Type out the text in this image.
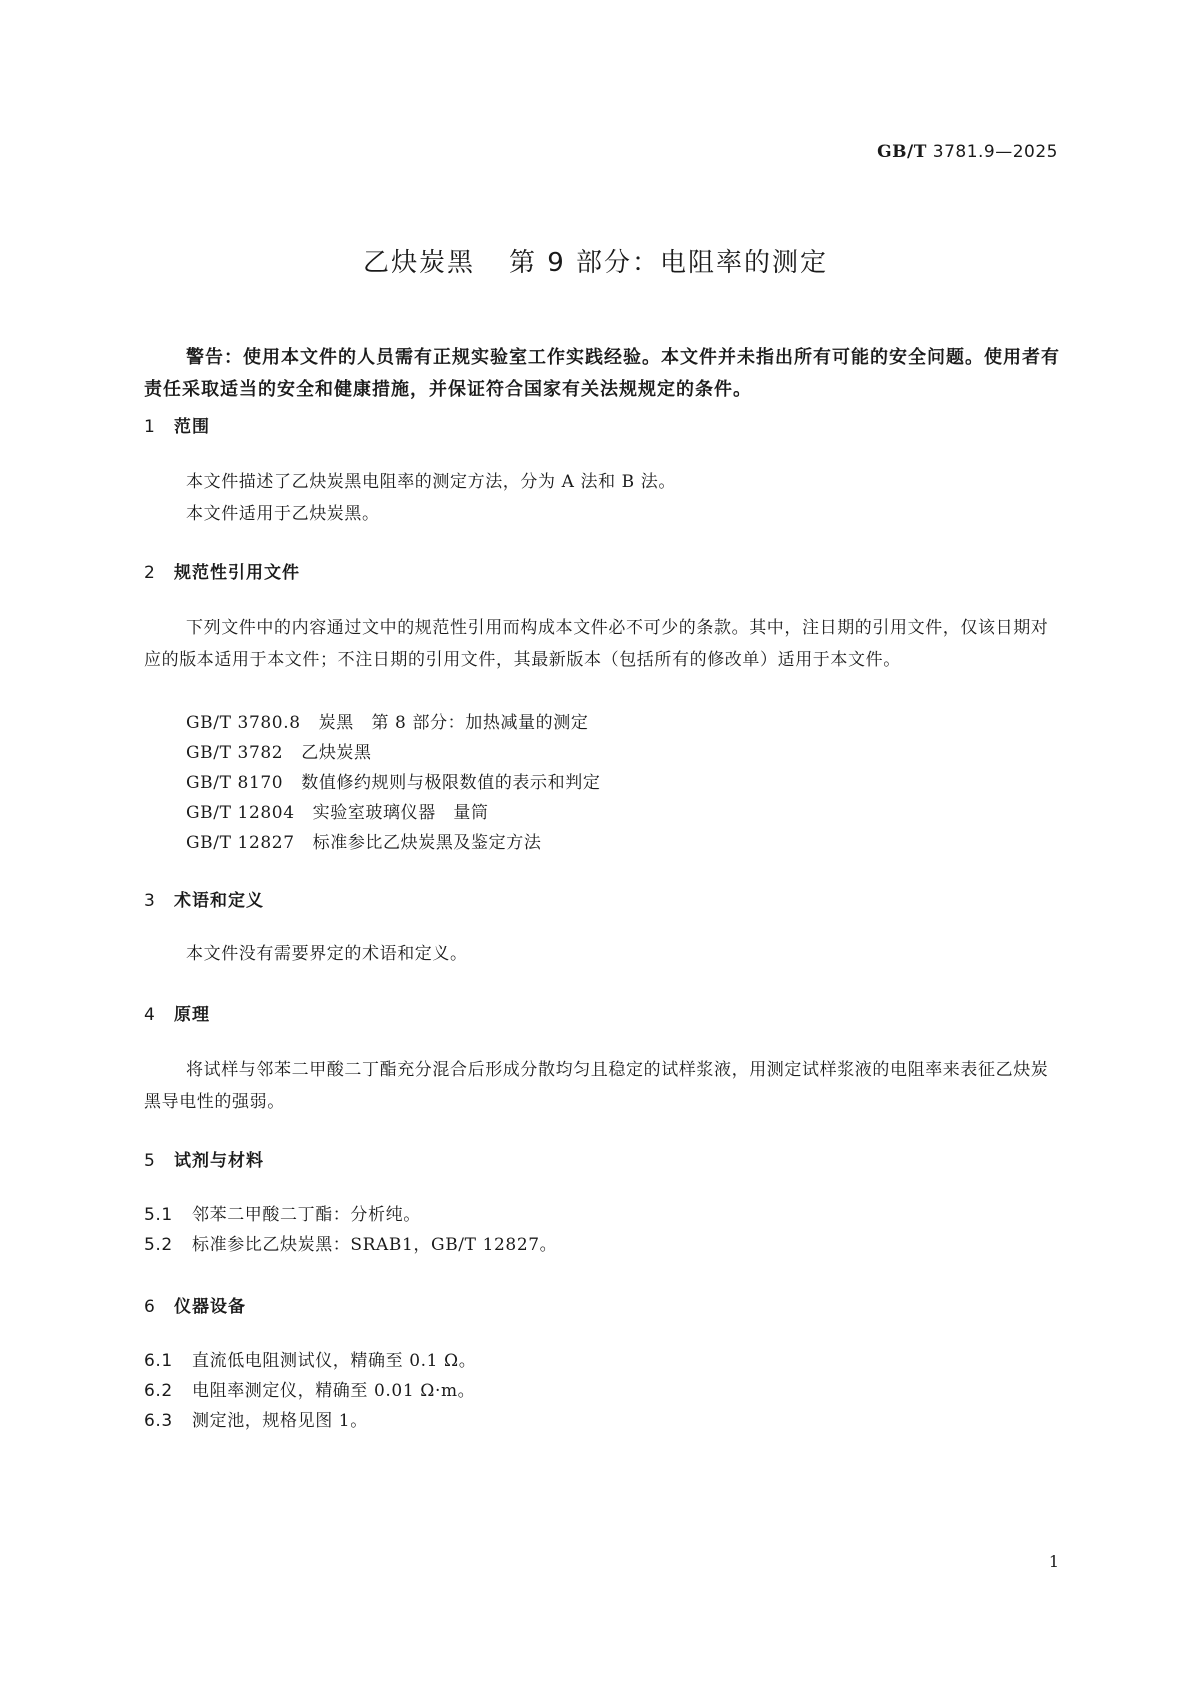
GB/T 3781.9—2025
乙炔炭黑 第 9 部分：电阻率的测定
警告：使用本文件的人员需有正规实验室工作实践经验。本文件并未指出所有可能的安全问题。使用者有责任采取适当的安全和健康措施，并保证符合国家有关法规规定的条件。
1 范围
本文件描述了乙炔炭黑电阻率的测定方法，分为 A 法和 B 法。
本文件适用于乙炔炭黑。
2 规范性引用文件
下列文件中的内容通过文中的规范性引用而构成本文件必不可少的条款。其中，注日期的引用文件，仅该日期对应的版本适用于本文件；不注日期的引用文件，其最新版本（包括所有的修改单）适用于本文件。
GB/T 3780.8 炭黑　第 8 部分：加热减量的测定
GB/T 3782 乙炔炭黑
GB/T 8170 数值修约规则与极限数值的表示和判定
GB/T 12804 实验室玻璃仪器　量筒
GB/T 12827 标准参比乙炔炭黑及鉴定方法
3 术语和定义
本文件没有需要界定的术语和定义。
4 原理
将试样与邻苯二甲酸二丁酯充分混合后形成分散均匀且稳定的试样浆液，用测定试样浆液的电阻率来表征乙炔炭黑导电性的强弱。
5 试剂与材料
5.1 邻苯二甲酸二丁酯：分析纯。
5.2 标准参比乙炔炭黑：SRAB1，GB/T 12827。
6 仪器设备
6.1 直流低电阻测试仪，精确至 0.1 Ω。
6.2 电阻率测定仪，精确至 0.01 Ω·m。
6.3 测定池，规格见图 1。
1
